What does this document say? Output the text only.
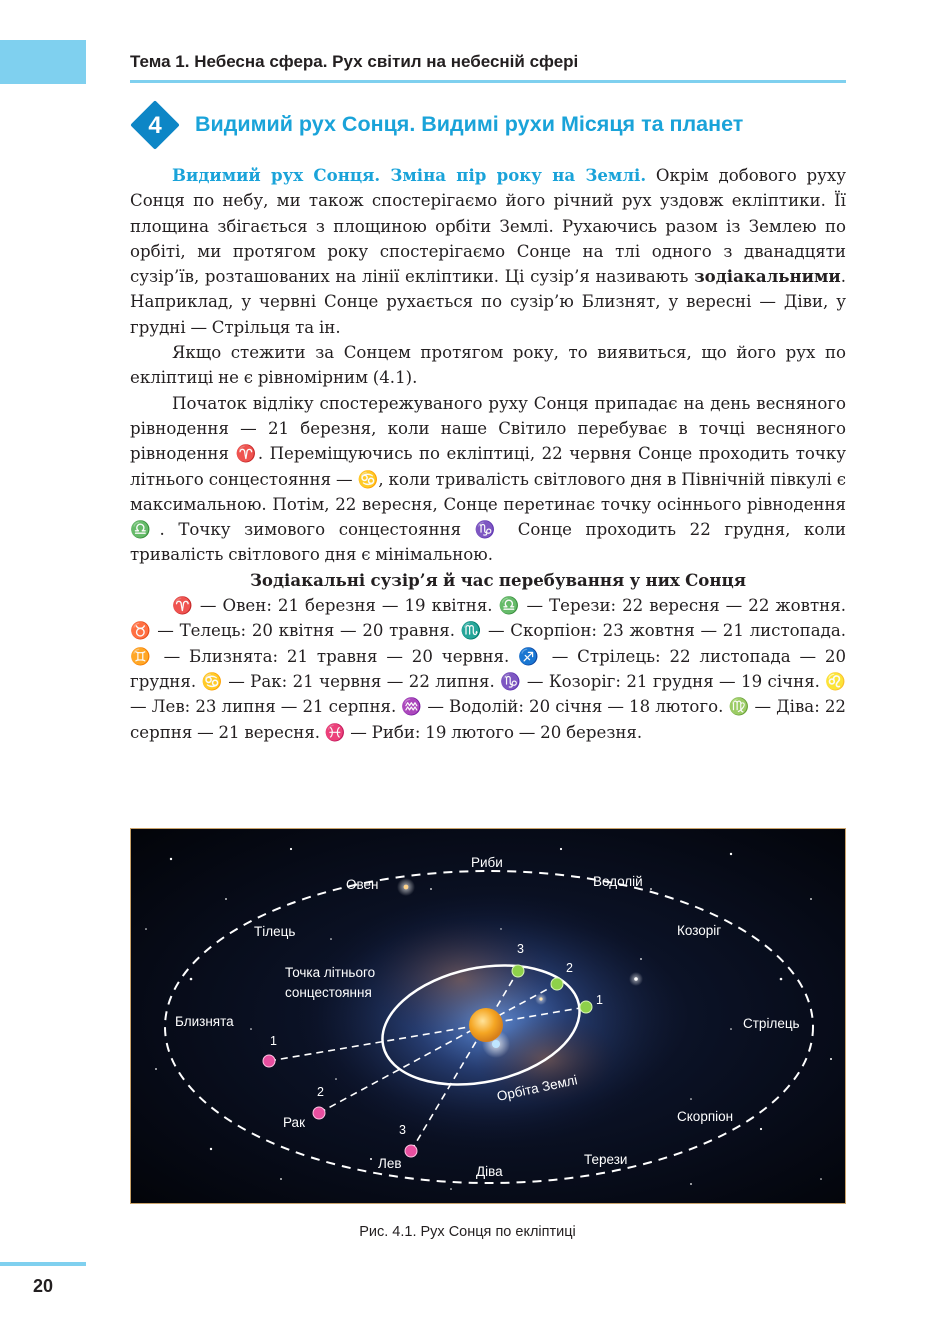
Тема 1. Небесна сфера. Рух світил на небесній сфері
4 Видимий рух Сонця. Видимі рухи Місяця та планет

Видимий рух Сонця. Зміна пір року на Землі. Окрім добового руху Сонця по небу, ми також спостерігаємо його річний рух уздовж екліптики. Її площина збігається з площиною орбіти Землі. Рухаючись разом із Землею по орбіті, ми протягом року спостерігаємо Сонце на тлі одного з дванадцяти сузір’їв, розташованих на лінії екліптики. Ці сузір’я називають зодіакальними. Наприклад, у червні Сонце рухається по сузір’ю Близнят, у вересні — Діви, у грудні — Стрільця та ін.

Якщо стежити за Сонцем протягом року, то виявиться, що його рух по екліптиці не є рівномірним (4.1).

Початок відліку спостережуваного руху Сонця припадає на день весняного рівнодення — 21 березня, коли наше Світило перебуває в точці весняного рівнодення ♈. Переміщуючись по екліптиці, 22 червня Сонце проходить точку літнього сонцестояння — ♋, коли тривалість світлового дня в Північній півкулі є максимальною. Потім, 22 вересня, Сонце перетинає точку осіннього рівнодення ♎. Точку зимового сонцестояння ♑ Сонце проходить 22 грудня, коли тривалість світлового дня є мінімальною.

Зодіакальні сузір’я й час перебування у них Сонця

♈ — Овен: 21 березня — 19 квітня. ♎ — Терези: 22 вересня — 22 жовтня. ♉ — Телець: 20 квітня — 20 травня. ♏ — Скорпіон: 23 жовтня — 21 листопада. ♊ — Близнята: 21 травня — 20 червня. ♐ — Стрілець: 22 листопада — 20 грудня. ♋ — Рак: 21 червня — 22 липня. ♑ — Козоріг: 21 грудня — 19 січня. ♌ — Лев: 23 липня — 21 серпня. ♒ — Водолій: 20 січня — 18 лютого. ♍ — Діва: 22 серпня — 21 вересня. ♓ — Риби: 19 лютого — 20 березня.

1
2
3
1
2
3
Риби
Овен	Водолій
Тілець	Козоріг
Точка літнього
сонцестояння
Близнята	Стрілець
Орбіта Землі
Рак	Скорпіон
Лев
Діва
Терези
Рис. 4.1. Рух Сонця по екліптиці
20
